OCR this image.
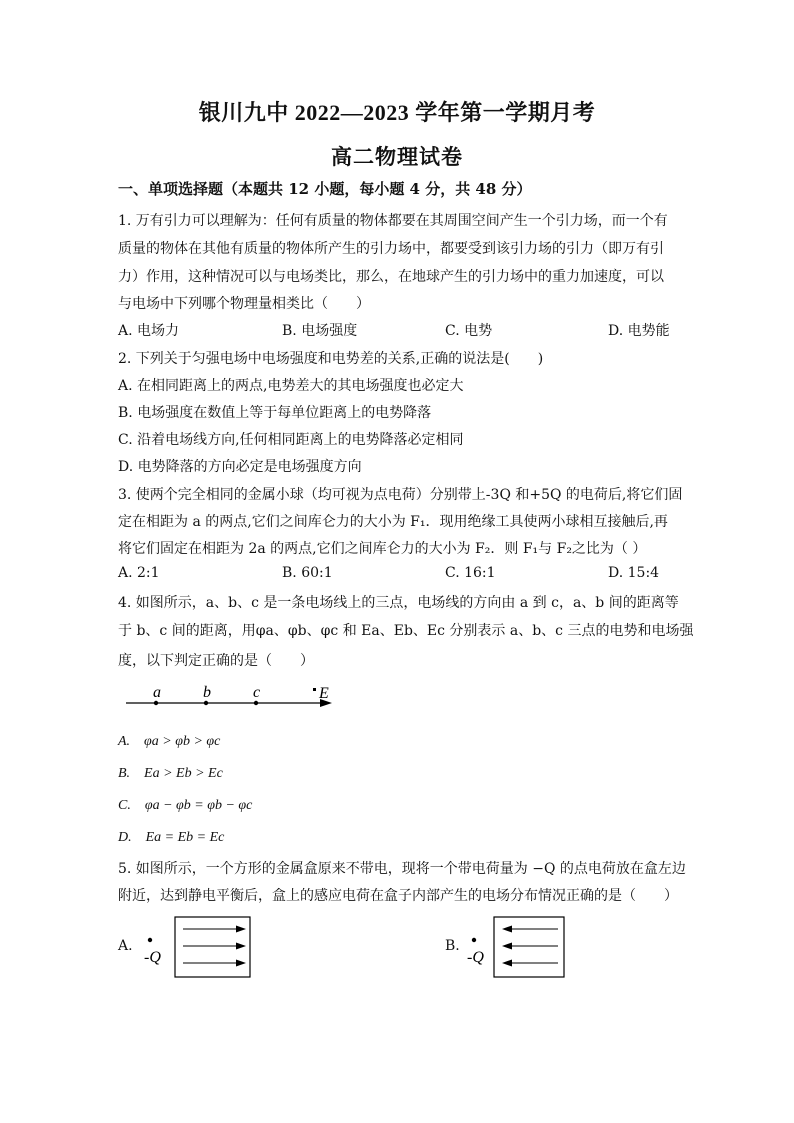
银川九中 2022—2023 学年第一学期月考
高二物理试卷
一、单项选择题（本题共 12 小题，每小题 4 分，共 48 分）
1. 万有引力可以理解为：任何有质量的物体都要在其周围空间产生一个引力场，而一个有
质量的物体在其他有质量的物体所产生的引力场中，都要受到该引力场的引力（即万有引
力）作用，这种情况可以与电场类比，那么，在地球产生的引力场中的重力加速度，可以
与电场中下列哪个物理量相类比（　　）
A. 电场力	B. 电场强度	C. 电势	D. 电势能
2. 下列关于匀强电场中电场强度和电势差的关系,正确的说法是(　　)
A. 在相同距离上的两点,电势差大的其电场强度也必定大
B. 电场强度在数值上等于每单位距离上的电势降落
C. 沿着电场线方向,任何相同距离上的电势降落必定相同
D. 电势降落的方向必定是电场强度方向
3. 使两个完全相同的金属小球（均可视为点电荷）分别带上-3Q 和+5Q 的电荷后,将它们固
定在相距为 a 的两点,它们之间库仑力的大小为 F₁．现用绝缘工具使两小球相互接触后,再
将它们固定在相距为 2a 的两点,它们之间库仑力的大小为 F₂．则 F₁与 F₂之比为（ ）
A. 2:1	B. 60:1	C. 16:1	D. 15:4
4. 如图所示，a、b、c 是一条电场线上的三点，电场线的方向由 a 到 c，a、b 间的距离等
于 b、c 间的距离，用φa、φb、φc 和 Ea、Eb、Ec 分别表示 a、b、c 三点的电势和电场强
度，以下判定正确的是（　　）
a	b	c	E
A.　φa > φb > φc
B.　Ea > Eb > Ec
C.　φa − φb = φb − φc
D.　Ea = Eb = Ec
5. 如图所示，一个方形的金属盒原来不带电，现将一个带电荷量为 −Q 的点电荷放在盒左边
附近，达到静电平衡后，盒上的感应电荷在盒子内部产生的电场分布情况正确的是（　　）
A.
-Q
B.
-Q
